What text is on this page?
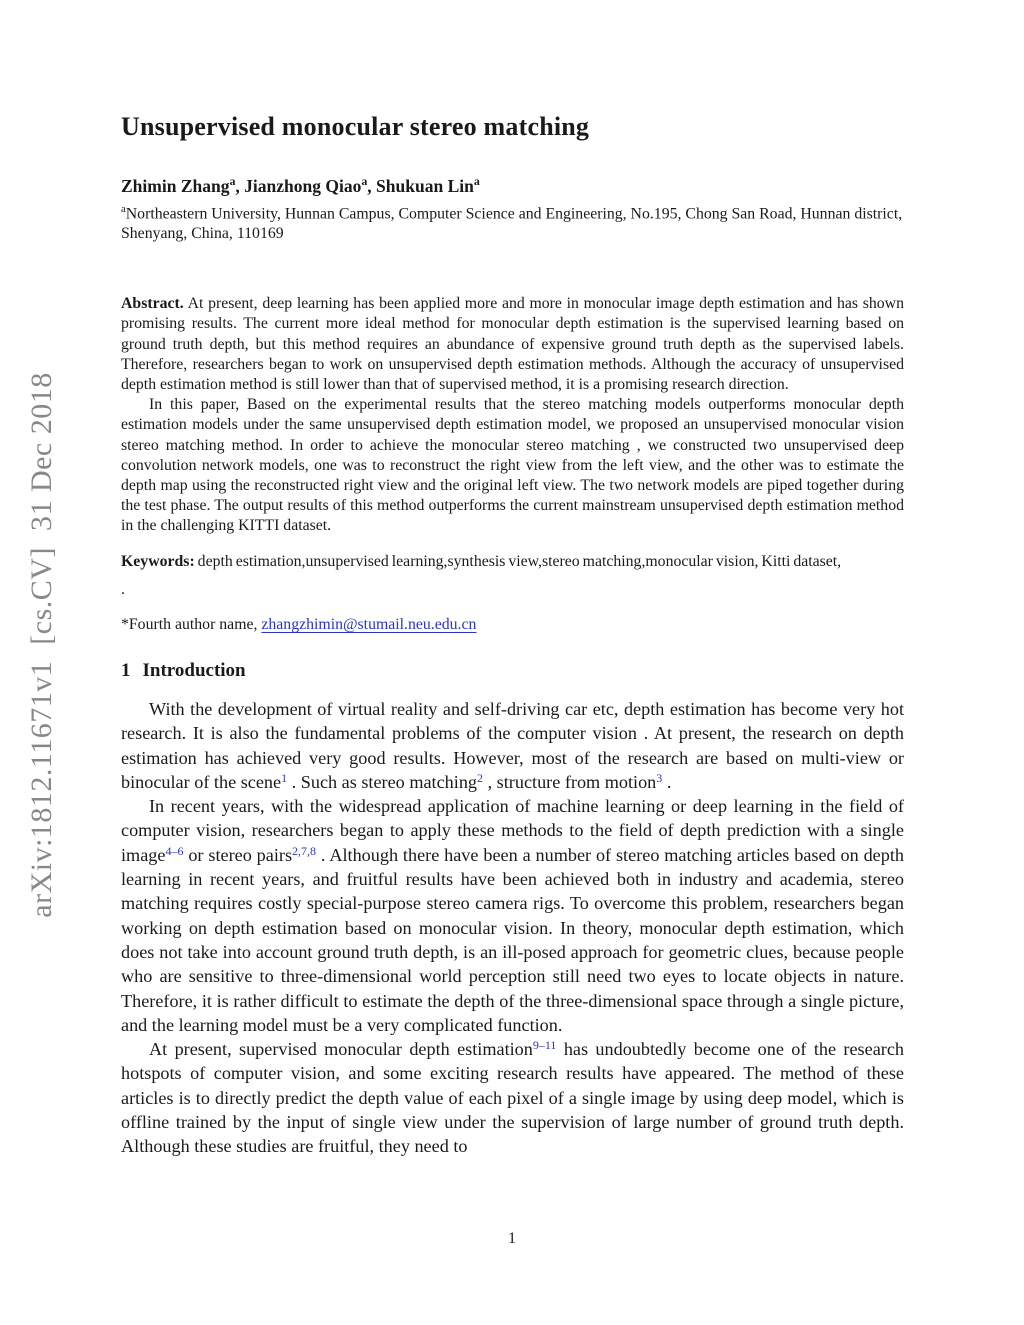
arXiv:1812.11671v1  [cs.CV]  31 Dec 2018
Unsupervised monocular stereo matching

Zhimin Zhang$^a$, Jianzhong Qiao$^a$, Shukuan Lin$^a$

$^a$Northeastern University, Hunnan Campus, Computer Science and Engineering, No.195, Chong San Road, Hunnan district, Shenyang, China, 110169

Abstract. At present, deep learning has been applied more and more in monocular image depth estimation and has shown promising results. The current more ideal method for monocular depth estimation is the supervised learning based on ground truth depth, but this method requires an abundance of expensive ground truth depth as the supervised labels. Therefore, researchers began to work on unsupervised depth estimation methods. Although the accuracy of unsupervised depth estimation method is still lower than that of supervised method, it is a promising research direction.

In this paper, Based on the experimental results that the stereo matching models outperforms monocular depth estimation models under the same unsupervised depth estimation model, we proposed an unsupervised monocular vision stereo matching method. In order to achieve the monocular stereo matching , we constructed two unsupervised deep convolution network models, one was to reconstruct the right view from the left view, and the other was to estimate the depth map using the reconstructed right view and the original left view. The two network models are piped together during the test phase. The output results of this method outperforms the current mainstream unsupervised depth estimation method in the challenging KITTI dataset.

Keywords: depth estimation,unsupervised learning,synthesis view,stereo matching,monocular vision, Kitti dataset,

.

*Fourth author name, zhangzhimin@stumail.neu.edu.cn

1 Introduction

With the development of virtual reality and self-driving car etc, depth estimation has become very hot research. It is also the fundamental problems of the computer vision . At present, the research on depth estimation has achieved very good results. However, most of the research are based on multi-view or binocular of the scene$^1$ . Such as stereo matching$^2$ , structure from motion$^3$ .

In recent years, with the widespread application of machine learning or deep learning in the field of computer vision, researchers began to apply these methods to the field of depth prediction with a single image$^{4-6}$ or stereo pairs$^{2,7,8}$ . Although there have been a number of stereo matching articles based on depth learning in recent years, and fruitful results have been achieved both in industry and academia, stereo matching requires costly special-purpose stereo camera rigs. To overcome this problem, researchers began working on depth estimation based on monocular vision. In theory, monocular depth estimation, which does not take into account ground truth depth, is an ill-posed approach for geometric clues, because people who are sensitive to three-dimensional world perception still need two eyes to locate objects in nature. Therefore, it is rather difficult to estimate the depth of the three-dimensional space through a single picture, and the learning model must be a very complicated function.

At present, supervised monocular depth estimation$^{9-11}$ has undoubtedly become one of the research hotspots of computer vision, and some exciting research results have appeared. The method of these articles is to directly predict the depth value of each pixel of a single image by using deep model, which is offline trained by the input of single view under the supervision of large number of ground truth depth. Although these studies are fruitful, they need to

1
